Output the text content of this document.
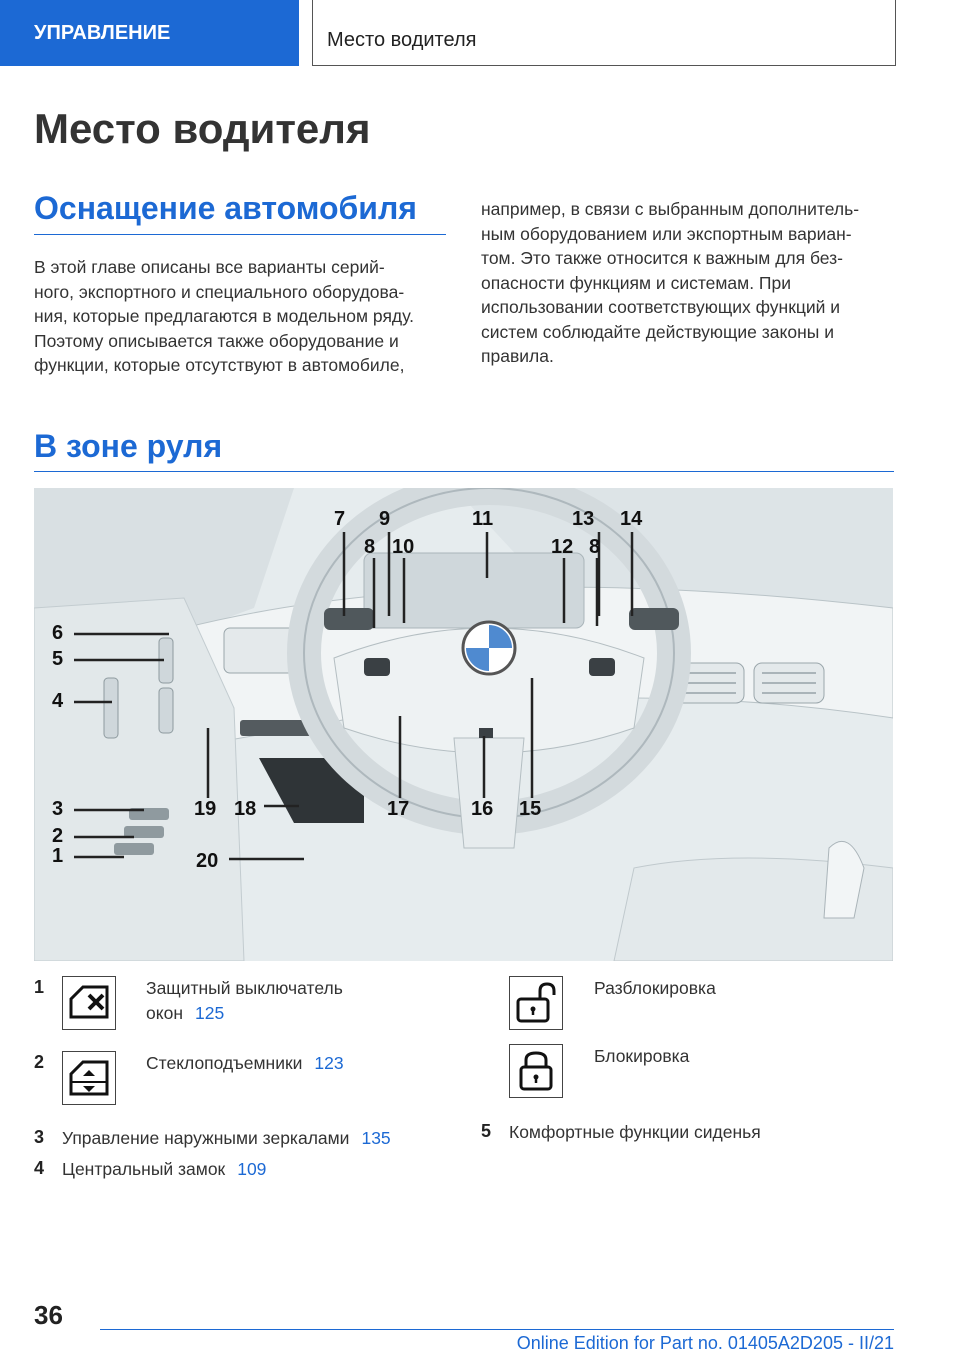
УПРАВЛЕНИЕ	Место водителя
Место водителя
Оснащение автомобиля
В этой главе описаны все варианты серий-
ного, экспортного и специального оборудова-
ния, которые предлагаются в модельном ряду.
Поэтому описывается также оборудование и
функции, которые отсутствуют в автомобиле,
например, в связи с выбранным дополнитель-
ным оборудованием или экспортным вариан-
том. Это также относится к важным для без-
опасности функциям и системам. При
использовании соответствующих функций и
систем соблюдайте действующие законы и
правила.
В зоне руля
7 9	11	13 14
8 10	12 8
6
5
4
3
2
1
19 18	17	16 15
20
1	Защитный выключатель
окон 125
2	Стеклоподъемники 123
3 Управление наружными зеркалами 135
4 Центральный замок 109
Разблокировка
Блокировка
5 Комфортные функции сиденья
36
Online Edition for Part no. 01405A2D205 - II/21
